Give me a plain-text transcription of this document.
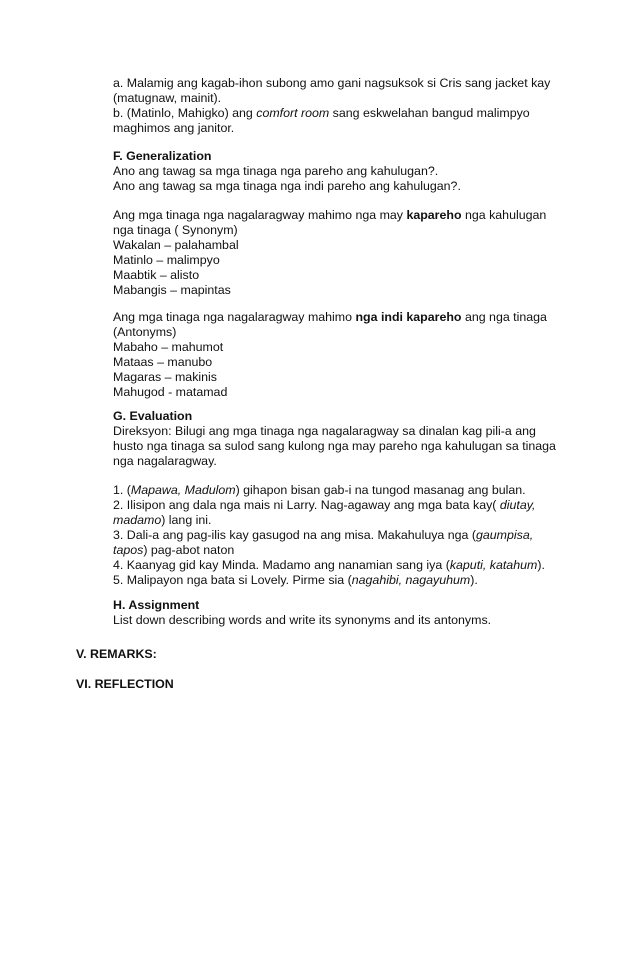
a. Malamig ang kagab-ihon subong amo gani nagsuksok si Cris sang jacket kay
(matugnaw, mainit).
b. (Matinlo, Mahigko) ang comfort room sang eskwelahan bangud malimpyo
maghimos ang janitor.
F. Generalization
Ano ang tawag sa mga tinaga nga pareho ang kahulugan?.
Ano ang tawag sa mga tinaga nga indi pareho ang kahulugan?.
Ang mga tinaga nga nagalaragway mahimo nga may kapareho nga kahulugan
nga tinaga ( Synonym)
Wakalan – palahambal
Matinlo – malimpyo
Maabtik – alisto
Mabangis – mapintas
Ang mga tinaga nga nagalaragway mahimo nga indi kapareho ang nga tinaga
(Antonyms)
Mabaho – mahumot
Mataas – manubo
Magaras – makinis
Mahugod - matamad
G. Evaluation
Direksyon: Bilugi ang mga tinaga nga nagalaragway sa dinalan kag pili-a ang
husto nga tinaga sa sulod sang kulong nga may pareho nga kahulugan sa tinaga
nga nagalaragway.
1. (Mapawa, Madulom) gihapon bisan gab-i na tungod masanag ang bulan.
2. Ilisipon ang dala nga mais ni Larry. Nag-agaway ang mga bata kay( diutay,
madamo) lang ini.
3. Dali-a ang pag-ilis kay gasugod na ang misa. Makahuluya nga (gaumpisa,
tapos) pag-abot naton
4. Kaanyag gid kay Minda. Madamo ang nanamian sang iya (kaputi, katahum).
5. Malipayon nga bata si Lovely. Pirme sia (nagahibi, nagayuhum).
H. Assignment
List down describing words and write its synonyms and its antonyms.
V. REMARKS:
VI. REFLECTION
